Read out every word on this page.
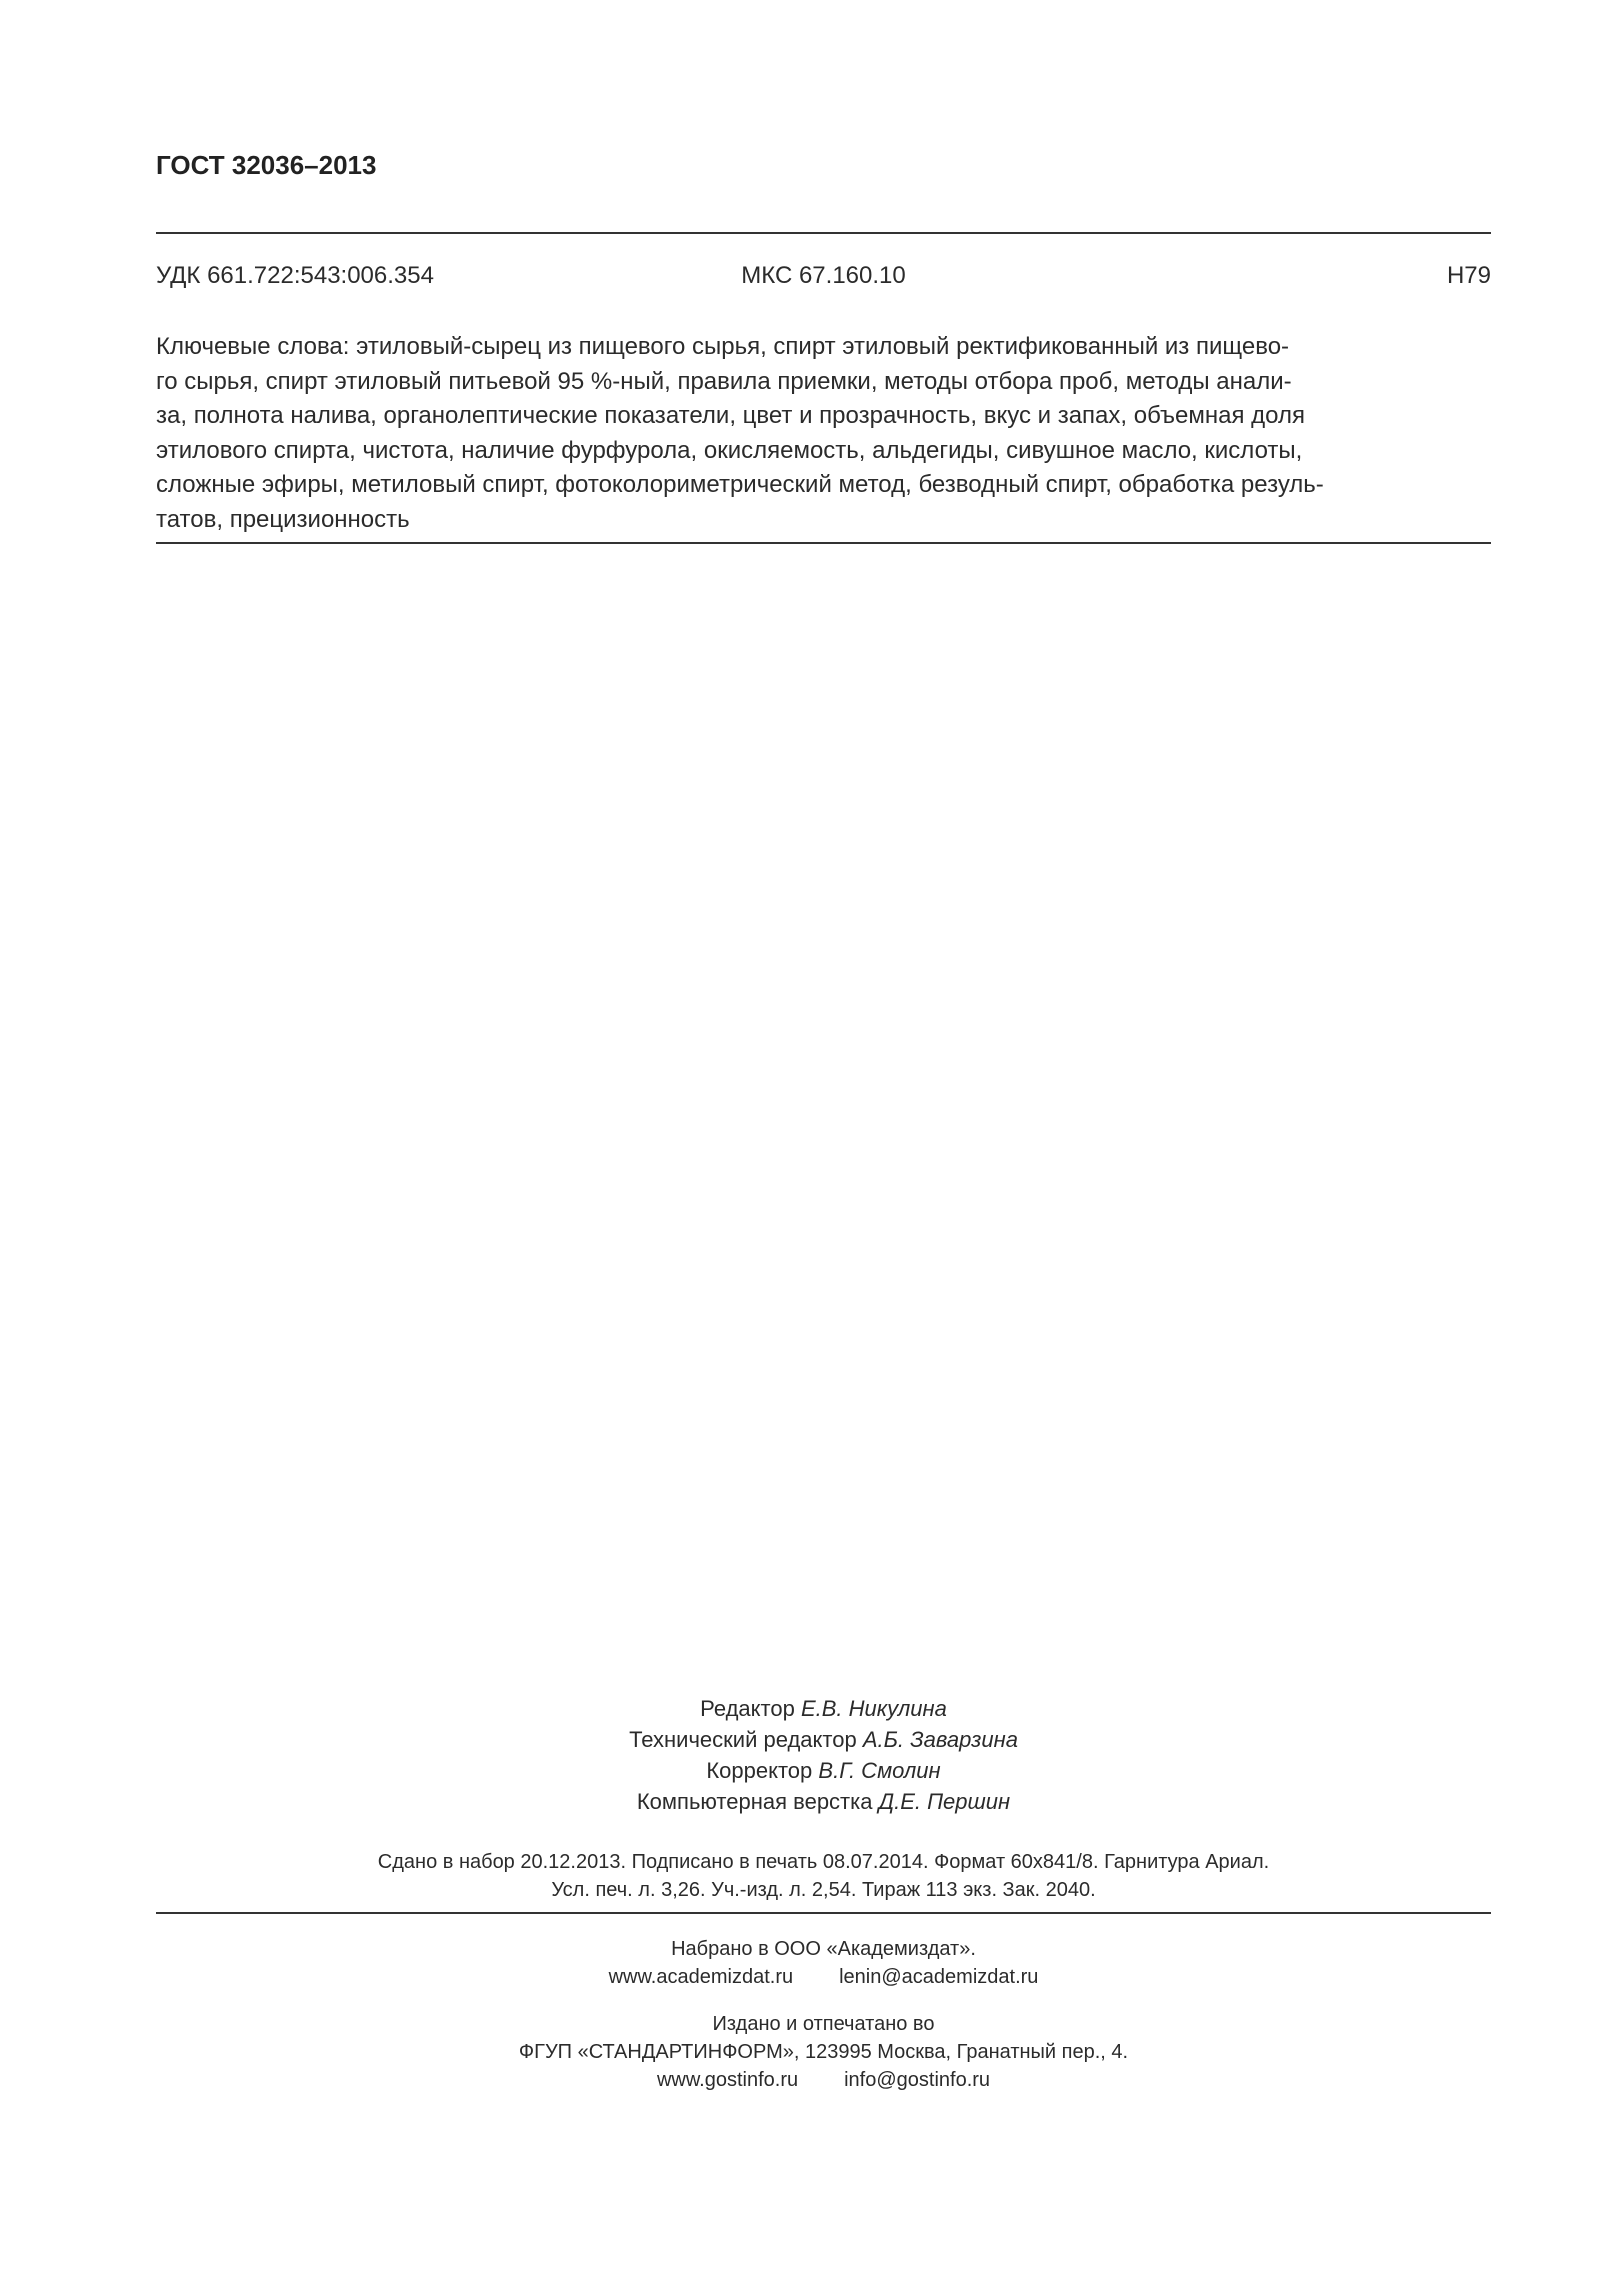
ГОСТ 32036–2013
УДК 661.722:543:006.354	МКС 67.160.10	Н79
Ключевые слова: этиловый-сырец из пищевого сырья, спирт этиловый ректификованный из пищево-
го сырья, спирт этиловый питьевой 95 %-ный, правила приемки, методы отбора проб, методы анали-
за, полнота налива, органолептические показатели, цвет и прозрачность, вкус и запах, объемная доля
этилового спирта, чистота, наличие фурфурола, окисляемость, альдегиды, сивушное масло, кислоты,
сложные эфиры, метиловый спирт, фотоколориметрический метод, безводный спирт, обработка резуль-
татов, прецизионность
Редактор Е.В. Никулина
Технический редактор А.Б. Заварзина
Корректор В.Г. Смолин
Компьютерная верстка Д.Е. Першин
Сдано в набор 20.12.2013. Подписано в печать 08.07.2014. Формат 60х841/8. Гарнитура Ариал.
Усл. печ. л. 3,26. Уч.-изд. л. 2,54. Тираж 113 экз. Зак. 2040.
Набрано в ООО «Академиздат».
www.academizdat.ru lenin@academizdat.ru
Издано и отпечатано во
ФГУП «СТАНДАРТИНФОРМ», 123995 Москва, Гранатный пер., 4.
www.gostinfo.ru info@gostinfo.ru
